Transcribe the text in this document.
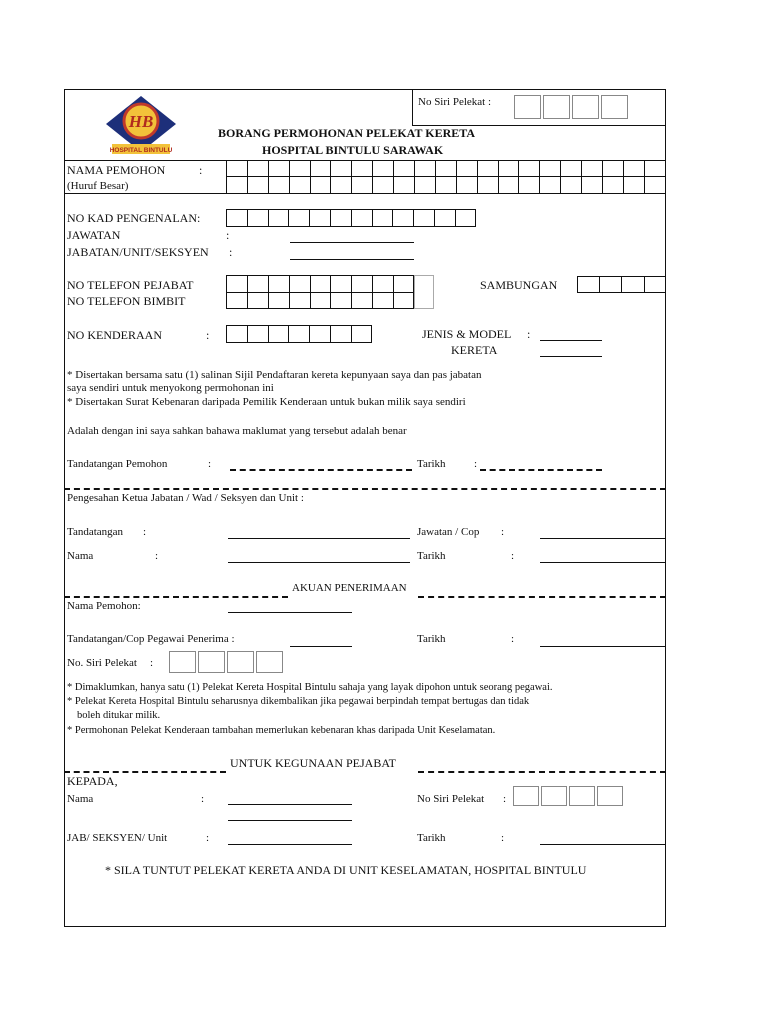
HB
HOSPITAL BINTULU
No Siri Pelekat :
BORANG PERMOHONAN PELEKAT KERETA
HOSPITAL BINTULU SARAWAK
NAMA PEMOHON	:
(Huruf Besar)
NO KAD PENGENALAN:
JAWATAN	:
JABATAN/UNIT/SEKSYEN :
NO TELEFON PEJABAT
NO TELEFON BIMBIT
SAMBUNGAN
NO KENDERAAN	:	JENIS & MODEL :
KERETA
* Disertakan bersama satu (1) salinan Sijil Pendaftaran kereta kepunyaan saya dan pas jabatan
saya sendiri untuk menyokong permohonan ini
* Disertakan Surat Kebenaran daripada Pemilik Kenderaan untuk bukan milik saya sendiri
Adalah dengan ini saya sahkan bahawa maklumat yang tersebut adalah benar
Tandatangan Pemohon	:	Tarikh	:
Pengesahan Ketua Jabatan / Wad / Seksyen dan Unit :
Tandatangan :	Jawatan / Cop :
Nama	:	Tarikh	:
AKUAN PENERIMAAN
Nama Pemohon:
Tandatangan/Cop Pegawai Penerima :	Tarikh	:
No. Siri Pelekat :
* Dimaklumkan, hanya satu (1) Pelekat Kereta Hospital Bintulu sahaja yang layak dipohon untuk seorang pegawai.
* Pelekat Kereta Hospital Bintulu seharusnya dikembalikan jika pegawai berpindah tempat bertugas dan tidak
boleh ditukar milik.
* Permohonan Pelekat Kenderaan tambahan memerlukan kebenaran khas daripada Unit Keselamatan.
UNTUK KEGUNAAN PEJABAT
KEPADA,
Nama	:	No Siri Pelekat :
JAB/ SEKSYEN/ Unit	:	Tarikh	:
* SILA TUNTUT PELEKAT KERETA ANDA DI UNIT KESELAMATAN, HOSPITAL BINTULU
